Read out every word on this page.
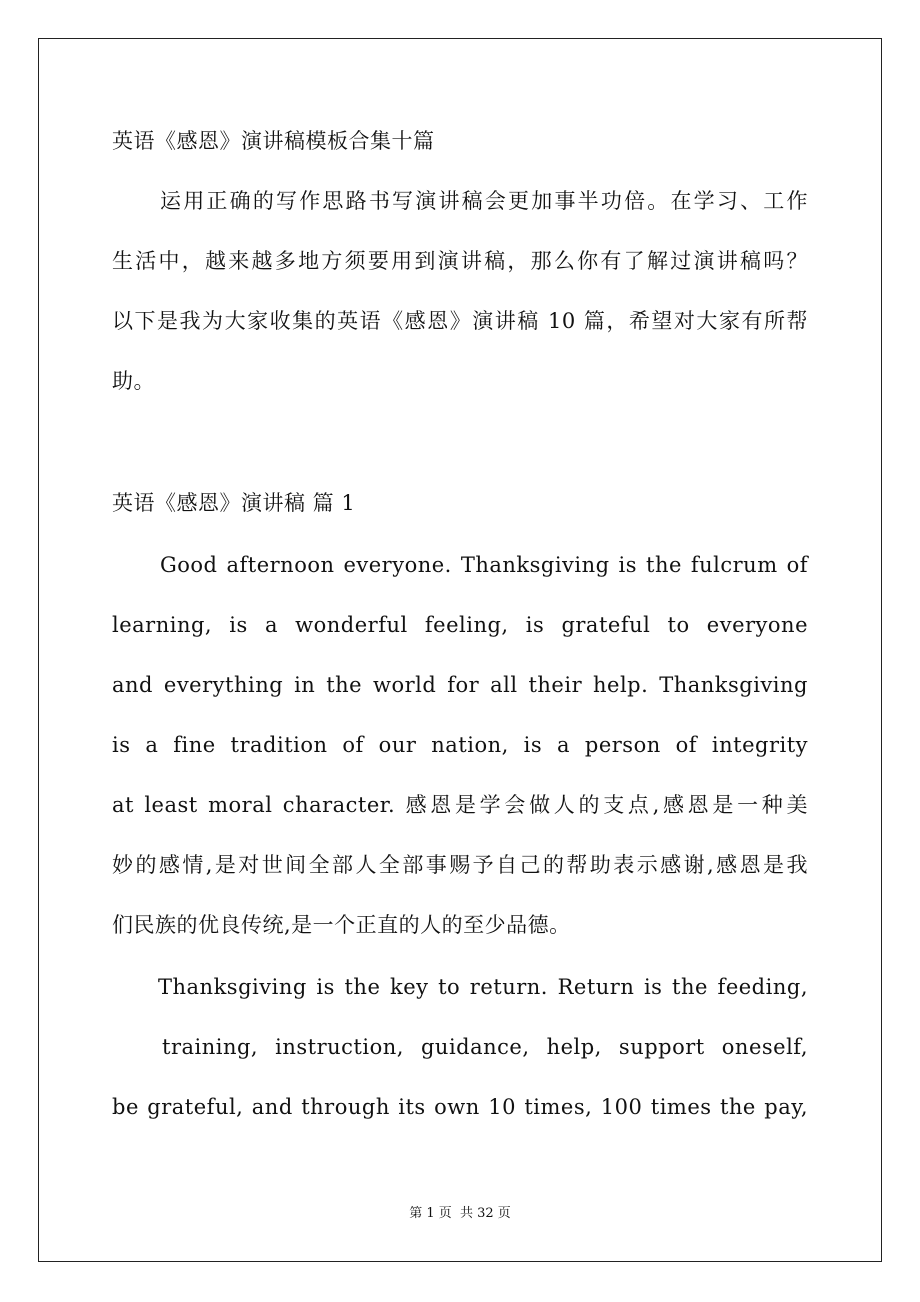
英语《感恩》演讲稿模板合集十篇
运用正确的写作思路书写演讲稿会更加事半功倍。在学习、工作
生活中，越来越多地方须要用到演讲稿，那么你有了解过演讲稿吗？
以下是我为大家收集的英语《感恩》演讲稿 10 篇，希望对大家有所帮
助。
英语《感恩》演讲稿 篇 1
Good afternoon everyone. Thanksgiving is the fulcrum of
learning, is a wonderful feeling, is grateful to everyone
and everything in the world for all their help. Thanksgiving
is a fine tradition of our nation, is a person of integrity
at least moral character. 感恩是学会做人的支点,感恩是一种美
妙的感情,是对世间全部人全部事赐予自己的帮助表示感谢,感恩是我
们民族的优良传统,是一个正直的人的至少品德。
Thanksgiving is the key to return. Return is the feeding,
training, instruction, guidance, help, support oneself,
be grateful, and through its own 10 times, 100 times the pay,
第 1 页 共 32 页
